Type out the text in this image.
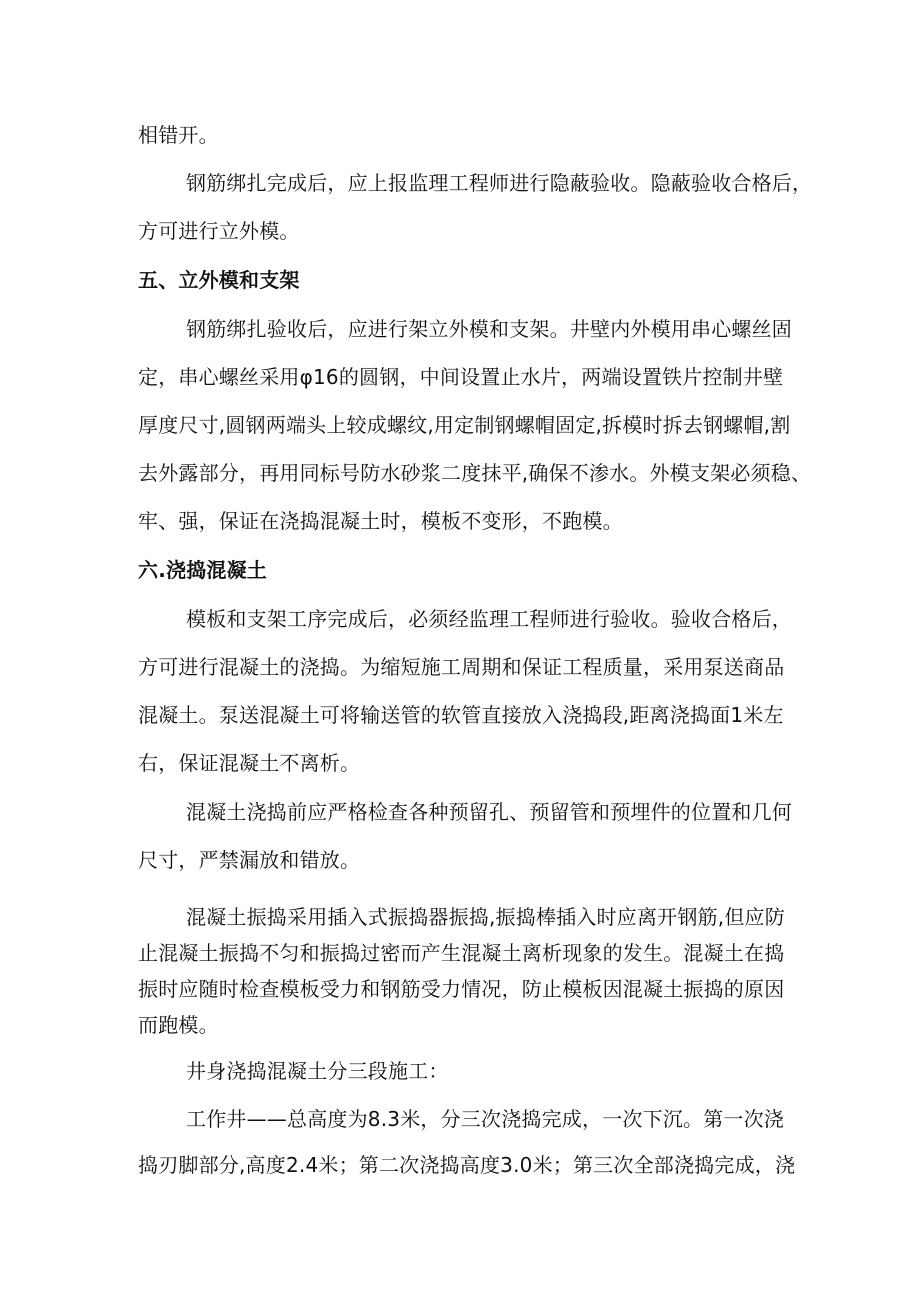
相错开。
钢筋绑扎完成后，应上报监理工程师进行隐蔽验收。隐蔽验收合格后，
方可进行立外模。
五、立外模和支架
钢筋绑扎验收后，应进行架立外模和支架。井壁内外模用串心螺丝固
定，串心螺丝采用φ16的圆钢，中间设置止水片，两端设置铁片控制井壁
厚度尺寸,圆钢两端头上较成螺纹,用定制钢螺帽固定,拆模时拆去钢螺帽,割
去外露部分，再用同标号防水砂浆二度抹平,确保不渗水。外模支架必须稳、
牢、强，保证在浇捣混凝土时，模板不变形，不跑模。
六.浇捣混凝土
模板和支架工序完成后，必须经监理工程师进行验收。验收合格后，
方可进行混凝土的浇捣。为缩短施工周期和保证工程质量，采用泵送商品
混凝土。泵送混凝土可将输送管的软管直接放入浇捣段,距离浇捣面1米左
右，保证混凝土不离析。
混凝土浇捣前应严格检查各种预留孔、预留管和预埋件的位置和几何
尺寸，严禁漏放和错放。
混凝土振捣采用插入式振捣器振捣,振捣棒插入时应离开钢筋,但应防
止混凝土振捣不匀和振捣过密而产生混凝土离析现象的发生。混凝土在捣
振时应随时检查模板受力和钢筋受力情况，防止模板因混凝土振捣的原因
而跑模。
井身浇捣混凝土分三段施工：
工作井——总高度为8.3米，分三次浇捣完成，一次下沉。第一次浇
捣刃脚部分,高度2.4米；第二次浇捣高度3.0米；第三次全部浇捣完成，浇
